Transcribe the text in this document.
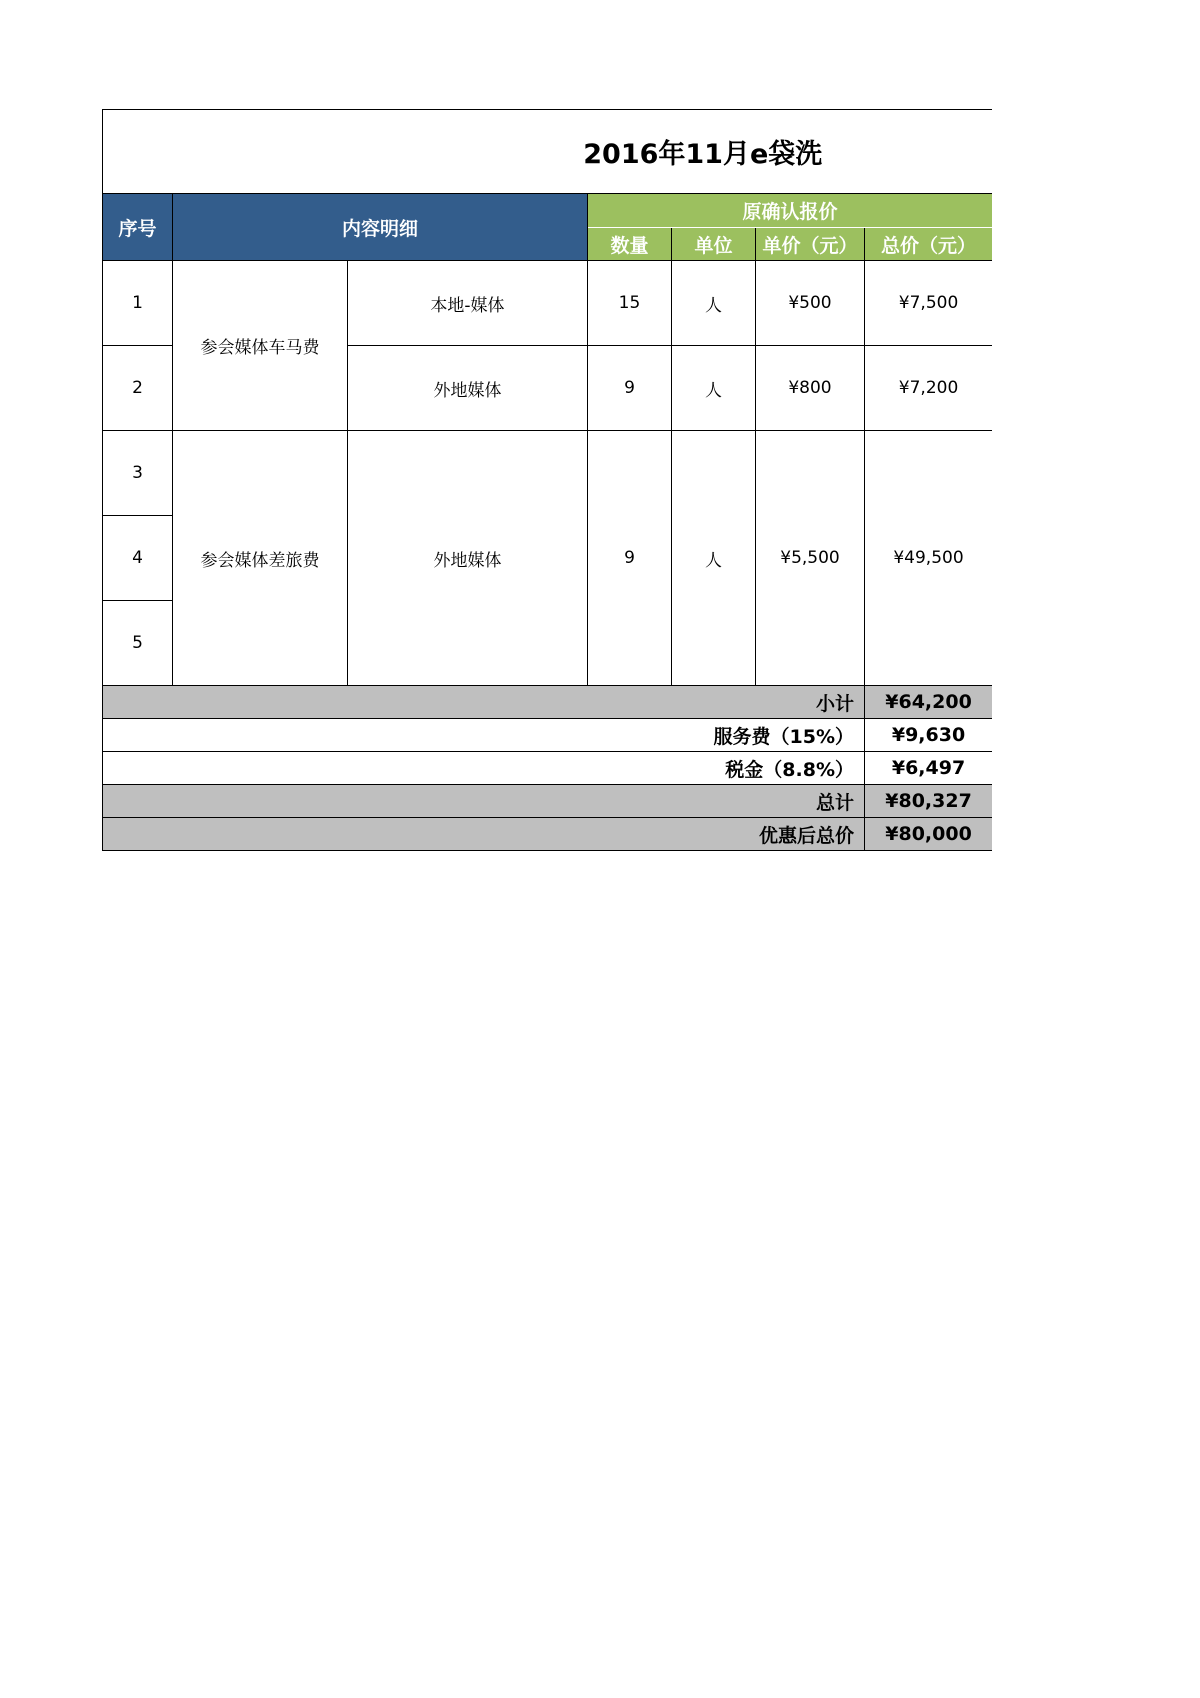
2016年11月e袋洗						
序号	内容明细		原确认报价			
			数量	单位	单价（元）	总价（元）
1	参会媒体车马费	本地-媒体	15	人	¥500	¥7,500
2		外地媒体	9	人	¥800	¥7,200
3	参会媒体差旅费	外地媒体	9	人	¥5,500	¥49,500
4						
5						
小计						¥64,200
服务费（15%）						¥9,630
税金（8.8%）						¥6,497
总计						¥80,327
优惠后总价						¥80,000
